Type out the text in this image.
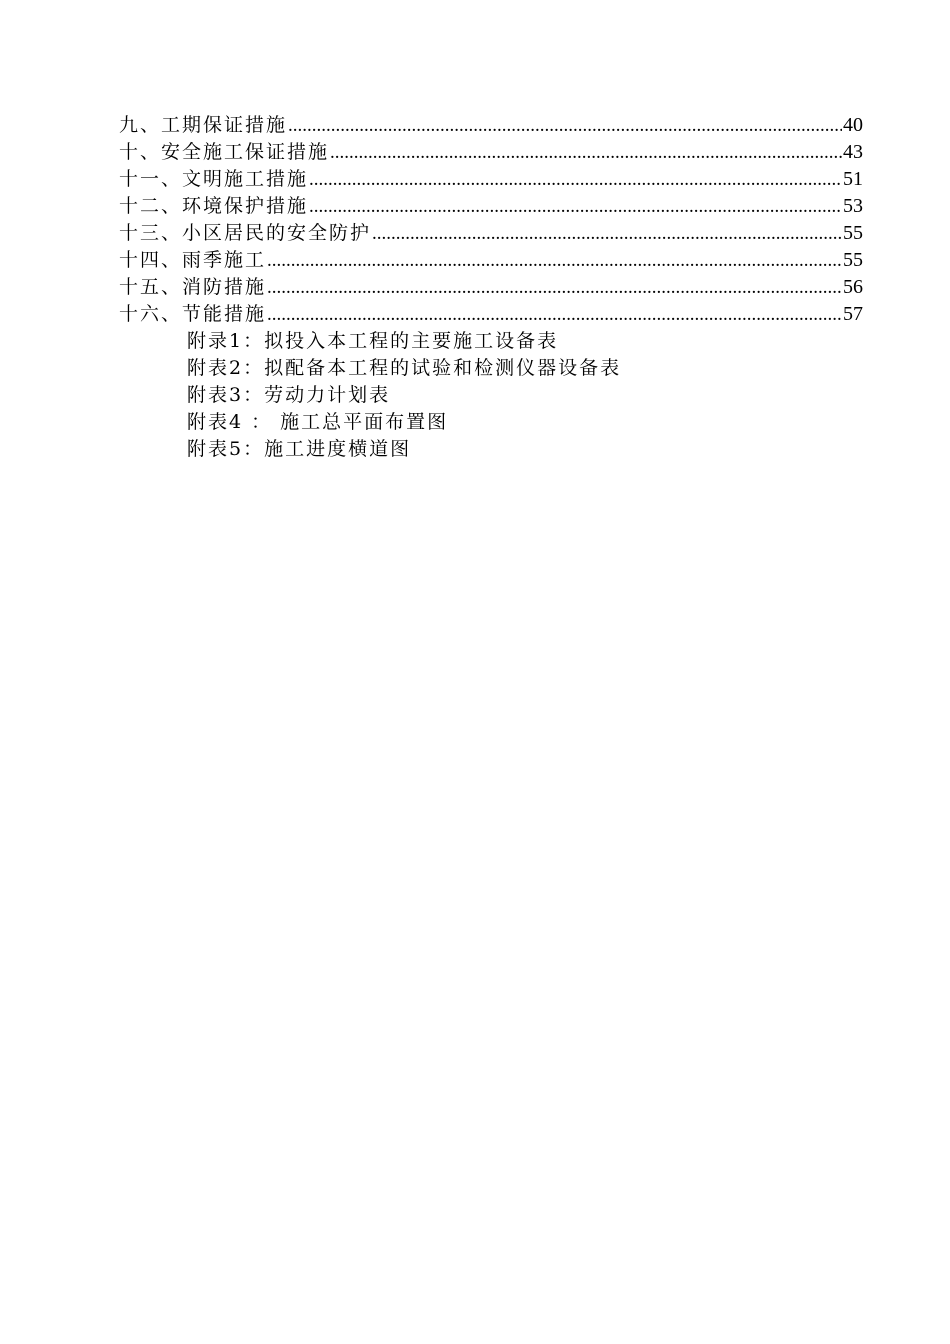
九、工期保证措施 .....	40
十、安全施工保证措施 .....	43
十一、文明施工措施 .....	51
十二、环境保护措施 .....	53
十三、小区居民的安全防护 .....	55
十四、雨季施工 .....	55
十五、消防措施 .....	56
十六、节能措施 .....	57
附录1：拟投入本工程的主要施工设备表
附表2：拟配备本工程的试验和检测仪器设备表
附表3：劳动力计划表
附表4 ： 施工总平面布置图
附表5：施工进度横道图
